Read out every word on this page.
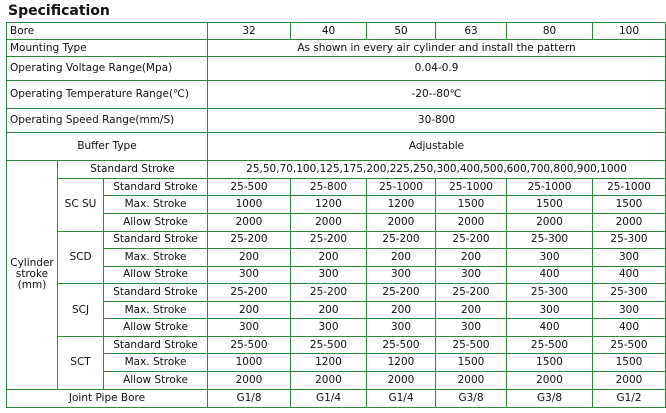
Specification
Bore			32	40	50	63	80	100
Mounting Type			As shown in every air cylinder and install the pattern					
Operating Voltage Range(Mpa)			0.04-0.9					
Operating Temperature Range(℃)			-20--80℃					
Operating Speed Range(mm/S)			30-800					
Buffer Type			Adjustable					
Cylinder stroke (mm)	Standard Stroke		25,50,70,100,125,175,200,225,250,300,400,500,600,700,800,900,1000					
	SC SU	Standard Stroke	25-500	25-800	25-1000	25-1000	25-1000	25-1000
		Max. Stroke	1000	1200	1200	1500	1500	1500
		Allow Stroke	2000	2000	2000	2000	2000	2000
	SCD	Standard Stroke	25-200	25-200	25-200	25-200	25-300	25-300
		Max. Stroke	200	200	200	200	300	300
		Allow Stroke	300	300	300	300	400	400
	SCJ	Standard Stroke	25-200	25-200	25-200	25-200	25-300	25-300
		Max. Stroke	200	200	200	200	300	300
		Allow Stroke	300	300	300	300	400	400
	SCT	Standard Stroke	25-500	25-500	25-500	25-500	25-500	25-500
		Max. Stroke	1000	1200	1200	1500	1500	1500
		Allow Stroke	2000	2000	2000	2000	2000	2000
Joint Pipe Bore			G1/8	G1/4	G1/4	G3/8	G3/8	G1/2
